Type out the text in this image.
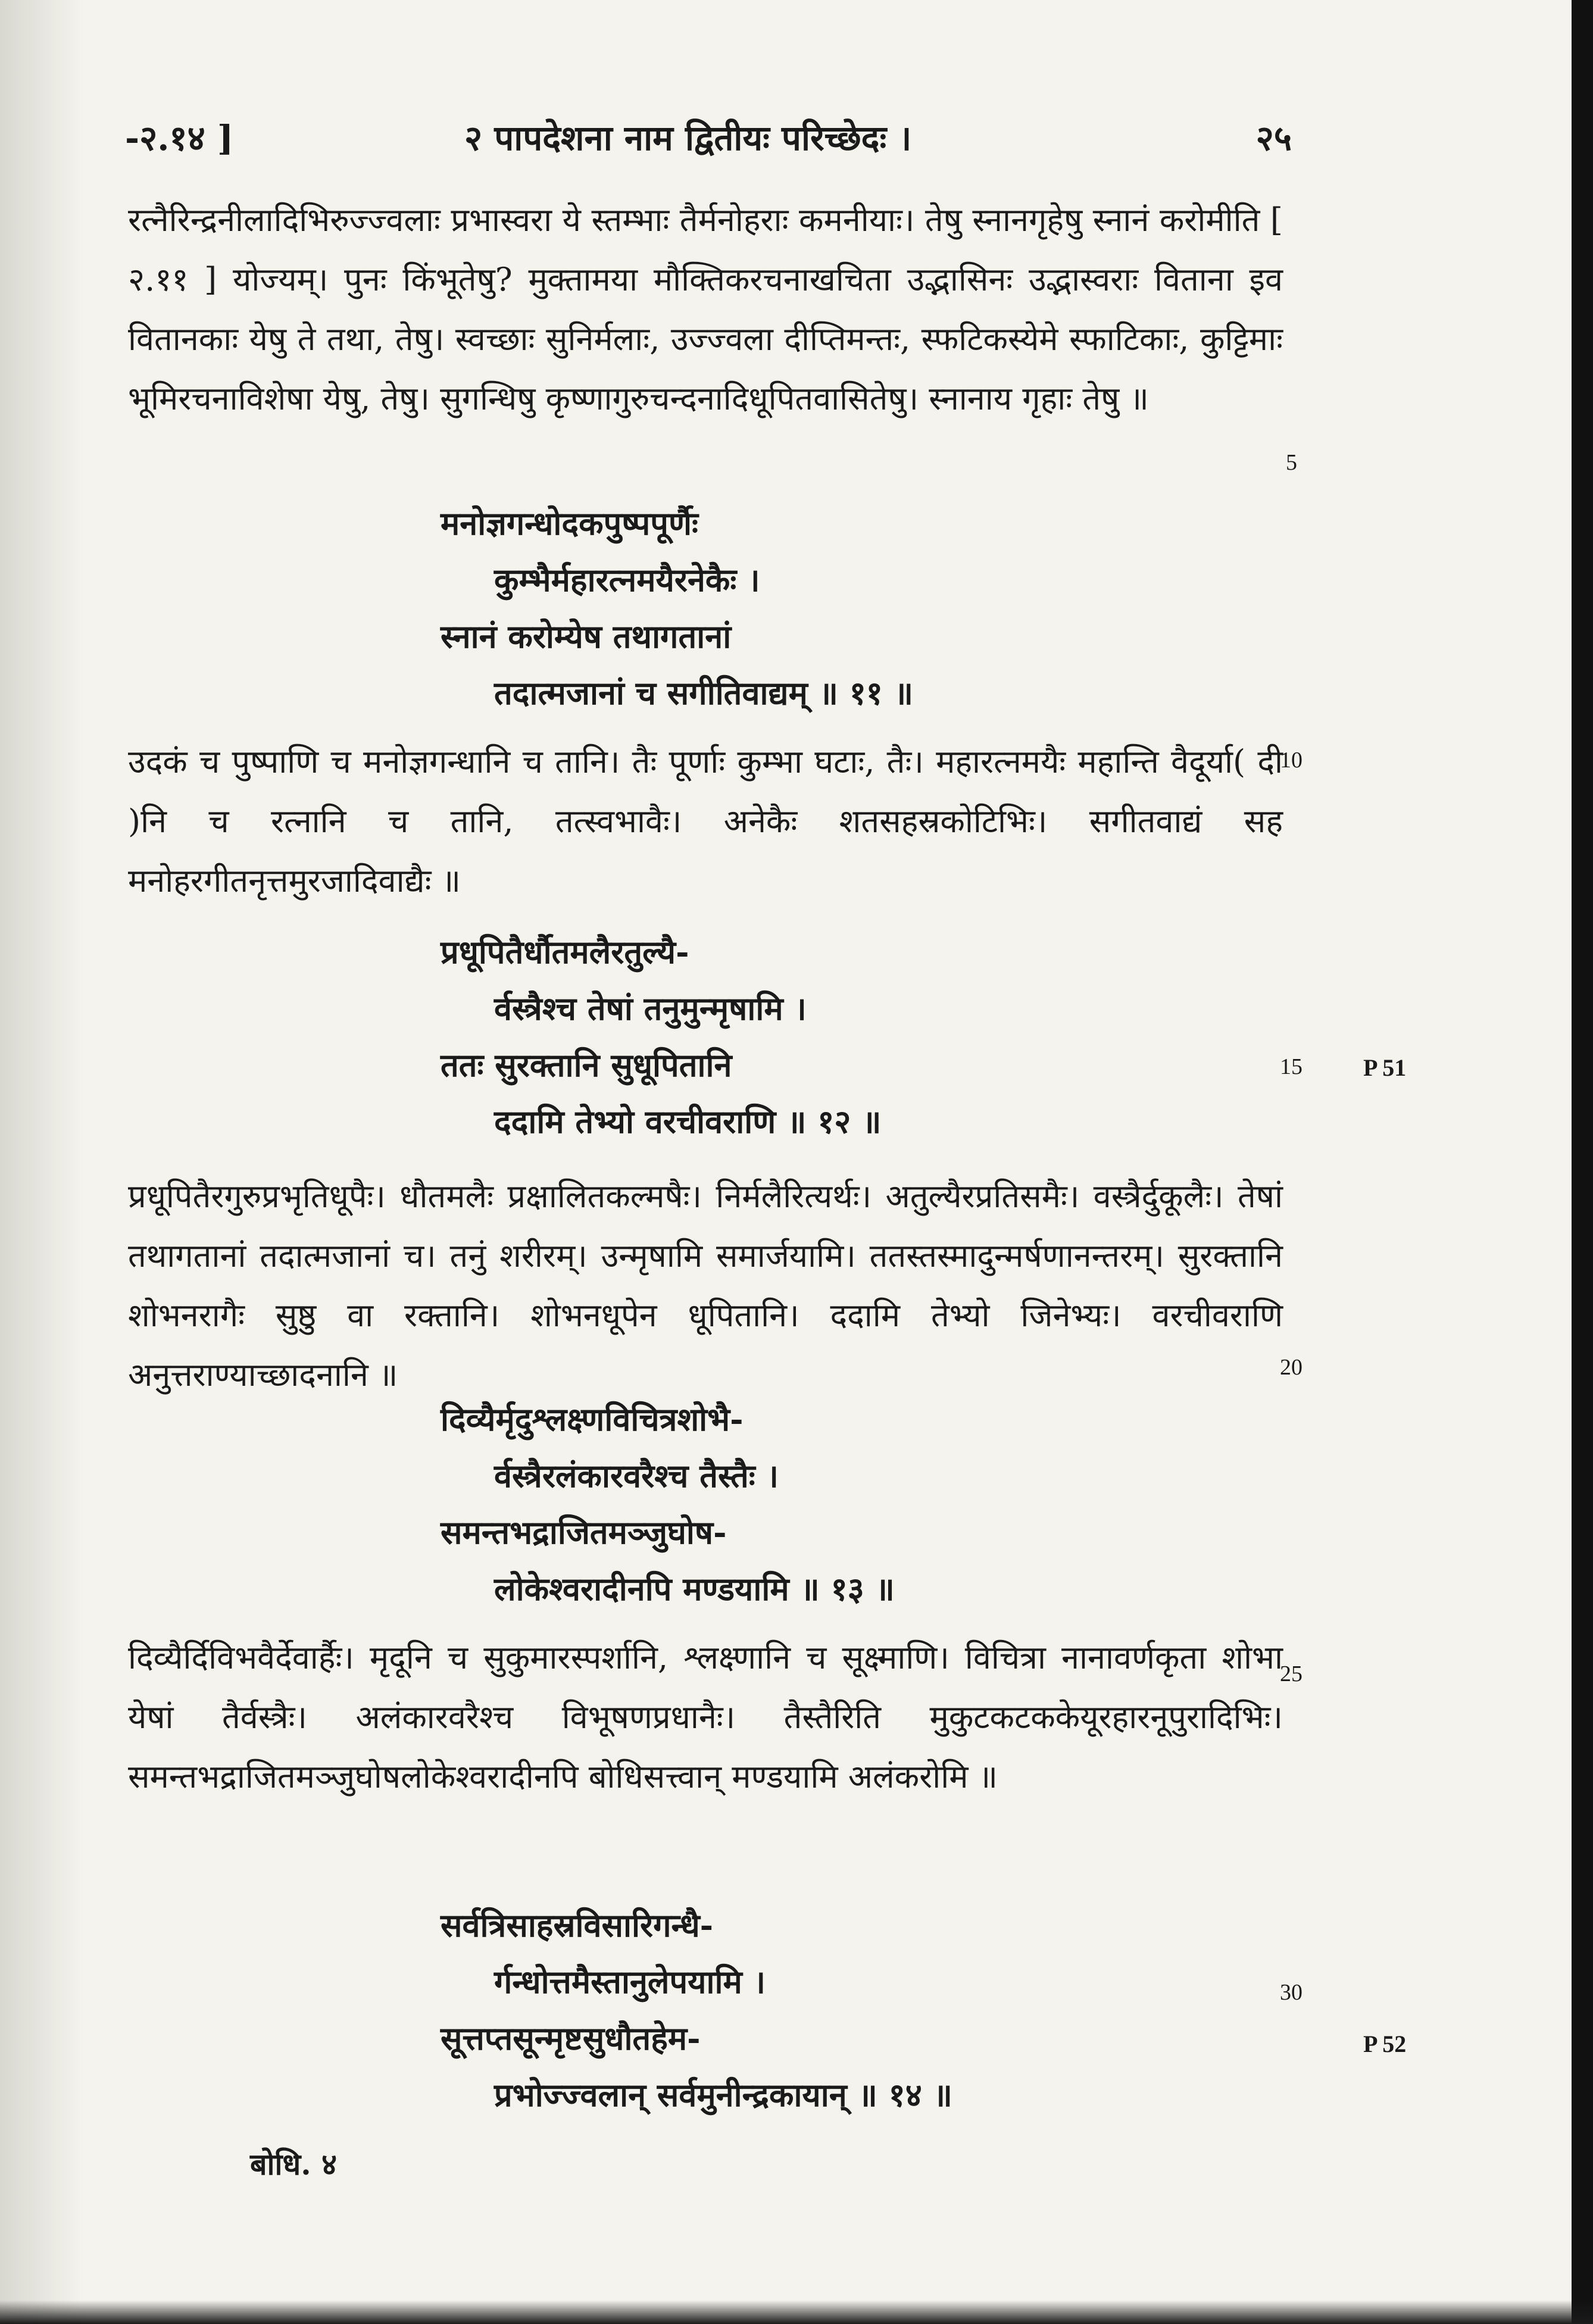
-२.१४ ]	२ पापदेशना नाम द्वितीयः परिच्छेदः ।	२५
रत्नैरिन्द्रनीलादिभिरुज्ज्वलाः प्रभास्वरा ये स्तम्भाः तैर्मनोहराः कमनीयाः। तेषु स्नानगृहेषु स्नानं करोमीति [ २.११ ] योज्यम्। पुनः किंभूतेषु? मुक्तामया मौक्तिकरचनाखचिता उद्भासिनः उद्भास्वराः विताना इव वितानकाः येषु ते तथा, तेषु। स्वच्छाः सुनिर्मलाः, उज्ज्वला दीप्तिमन्तः, स्फटिकस्येमे स्फाटिकाः, कुट्टिमाः भूमिरचनाविशेषा येषु, तेषु। सुगन्धिषु कृष्णागुरुचन्दनादिधूपितवासितेषु। स्नानाय गृहाः तेषु ॥
मनोज्ञगन्धोदकपुष्पपूर्णैः
कुम्भैर्महारत्नमयैरनेकैः ।
स्नानं करोम्येष तथागतानां
तदात्मजानां च सगीतिवाद्यम् ॥ ११ ॥
उदकं च पुष्पाणि च मनोज्ञगन्धानि च तानि। तैः पूर्णाः कुम्भा घटाः, तैः। महारत्नमयैः महान्ति वैदूर्या( दी )नि च रत्नानि च तानि, तत्स्वभावैः। अनेकैः शतसहस्रकोटिभिः। सगीतवाद्यं सह मनोहरगीतनृत्तमुरजादिवाद्यैः ॥
प्रधूपितैर्धौतमलैरतुल्यै-
र्वस्त्रैश्च तेषां तनुमुन्मृषामि ।
ततः सुरक्तानि सुधूपितानि
ददामि तेभ्यो वरचीवराणि ॥ १२ ॥
प्रधूपितैरगुरुप्रभृतिधूपैः। धौतमलैः प्रक्षालितकल्मषैः। निर्मलैरित्यर्थः। अतुल्यैरप्रतिसमैः। वस्त्रैर्दुकूलैः। तेषां तथागतानां तदात्मजानां च। तनुं शरीरम्। उन्मृषामि समार्जयामि। ततस्तस्मादुन्मर्षणानन्तरम्। सुरक्तानि शोभनरागैः सुष्ठु वा रक्तानि। शोभनधूपेन धूपितानि। ददामि तेभ्यो जिनेभ्यः। वरचीवराणि अनुत्तराण्याच्छादनानि ॥
दिव्यैर्मृदुश्लक्ष्णविचित्रशोभै-
र्वस्त्रैरलंकारवरैश्च तैस्तैः ।
समन्तभद्राजितमञ्जुघोष-
लोकेश्वरादीनपि मण्डयामि ॥ १३ ॥
दिव्यैर्दिविभवैर्देवार्हैः। मृदूनि च सुकुमारस्पर्शानि, श्लक्ष्णानि च सूक्ष्माणि। विचित्रा नानावर्णकृता शोभा येषां तैर्वस्त्रैः। अलंकारवरैश्च विभूषणप्रधानैः। तैस्तैरिति मुकुटकटककेयूरहारनूपुरादिभिः। समन्तभद्राजितमञ्जुघोषलोकेश्वरादीनपि बोधिसत्त्वान् मण्डयामि अलंकरोमि ॥
सर्वत्रिसाहस्रविसारिगन्धै-
र्गन्धोत्तमैस्तानुलेपयामि ।
सूत्तप्तसून्मृष्टसुधौतहेम-
प्रभोज्ज्वलान् सर्वमुनीन्द्रकायान् ॥ १४ ॥
5
10
15
20
25
30
P 51
P 52
बोधि. ४
